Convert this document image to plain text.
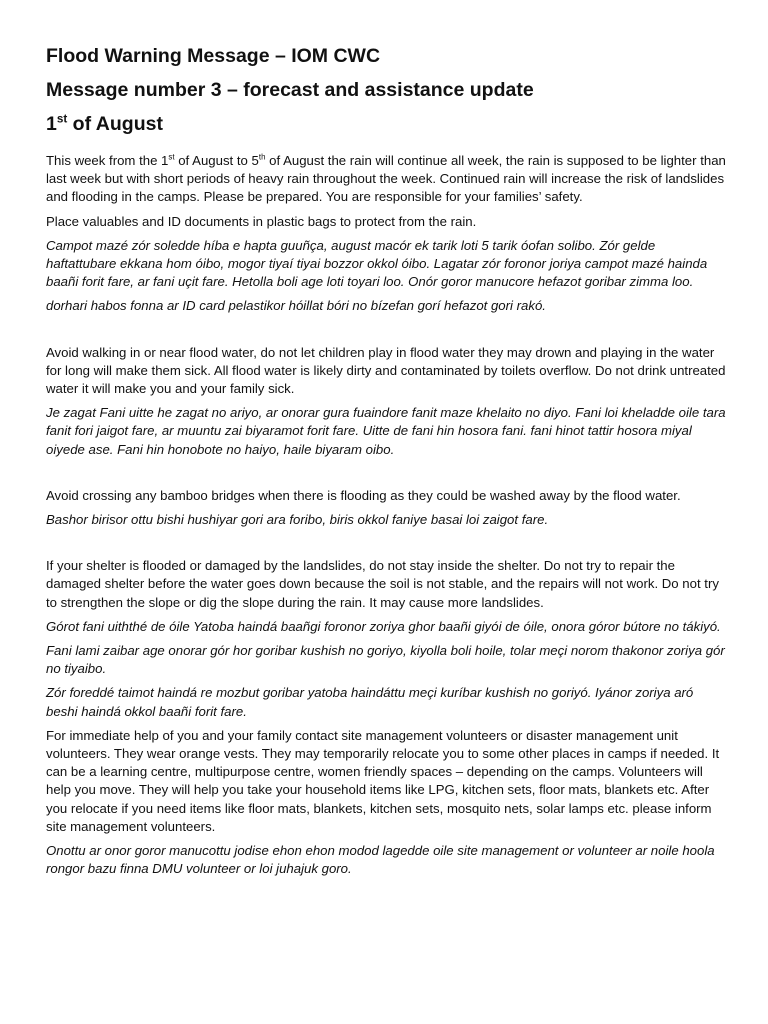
Flood Warning Message – IOM CWC
Message number 3 – forecast and assistance update
1st of August

This week from the 1st of August to 5th of August the rain will continue all week, the rain is supposed to be lighter than last week but with short periods of heavy rain throughout the week. Continued rain will increase the risk of landslides and flooding in the camps. Please be prepared. You are responsible for your families’ safety.

Place valuables and ID documents in plastic bags to protect from the rain.

Campot mazé zór soledde híba e hapta guuñça, august macór ek tarik loti 5 tarik óofan solibo. Zór gelde haftattubare ekkana hom óibo, mogor tiyaí tiyai bozzor okkol óibo. Lagatar zór foronor joriya campot mazé hainda baañi forit fare, ar fani uçit fare. Hetolla boli age loti toyari loo. Onór goror manucore hefazot goribar zimma loo.

dorhari habos fonna ar ID card pelastikor hóillat bóri no bízefan gorí hefazot gori rakó.

Avoid walking in or near flood water, do not let children play in flood water they may drown and playing in the water for long will make them sick. All flood water is likely dirty and contaminated by toilets overflow. Do not drink untreated water it will make you and your family sick.

Je zagat Fani uitte he zagat no ariyo, ar onorar gura fuaindore fanit maze khelaito no diyo. Fani loi kheladde oile tara fanit fori jaigot fare, ar muuntu zai biyaramot forit fare. Uitte de fani hin hosora fani. fani hinot tattir hosora miyal oiyede ase. Fani hin honobote no haiyo, haile biyaram oibo.

Avoid crossing any bamboo bridges when there is flooding as they could be washed away by the flood water.

Bashor birisor ottu bishi hushiyar gori ara foribo, biris okkol faniye basai loi zaigot fare.

If your shelter is flooded or damaged by the landslides, do not stay inside the shelter. Do not try to repair the damaged shelter before the water goes down because the soil is not stable, and the repairs will not work. Do not try to strengthen the slope or dig the slope during the rain. It may cause more landslides.

Górot fani uiththé de óile Yatoba haindá baañgi foronor zoriya ghor baañi giyói de óile, onora góror bútore no tákiyó.

Fani lami zaibar age onorar gór hor goribar kushish no goriyo, kiyolla boli hoile, tolar meçi norom thakonor zoriya gór no tiyaibo.

Zór foreddé taimot haindá re mozbut goribar yatoba haindáttu meçi kuríbar kushish no goriyó. Iyánor zoriya aró beshi haindá okkol baañi forit fare.

For immediate help of you and your family contact site management volunteers or disaster management unit volunteers. They wear orange vests. They may temporarily relocate you to some other places in camps if needed. It can be a learning centre, multipurpose centre, women friendly spaces – depending on the camps. Volunteers will help you move. They will help you take your household items like LPG, kitchen sets, floor mats, blankets etc. After you relocate if you need items like floor mats, blankets, kitchen sets, mosquito nets, solar lamps etc. please inform site management volunteers.

Onottu ar onor goror manucottu jodise ehon ehon modod lagedde oile site management or volunteer ar noile hoola rongor bazu finna DMU volunteer or loi juhajuk goro.
